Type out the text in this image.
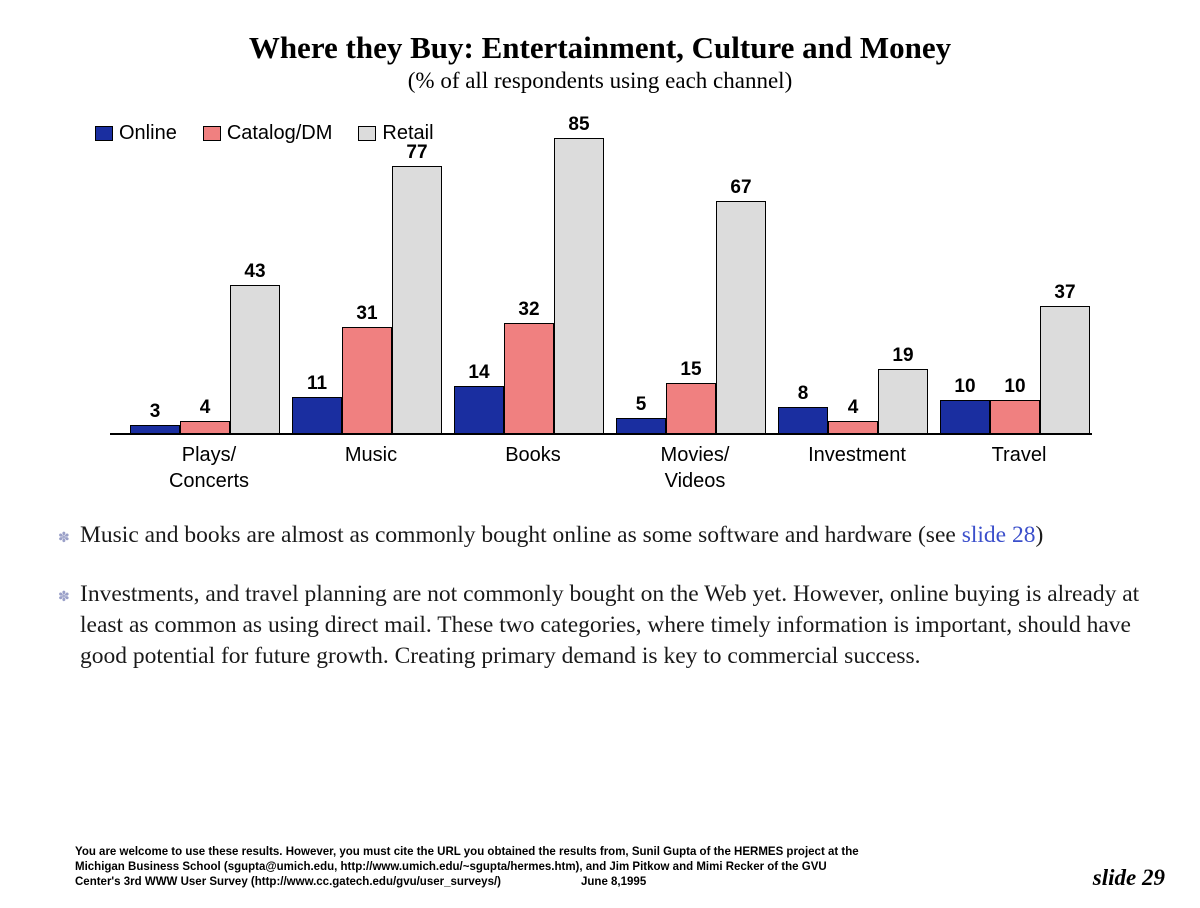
Where they Buy: Entertainment, Culture and Money
(% of all respondents using each channel)
Online	Catalog/DM	Retail
3 4
43
11
31
77
14
32
85
5
15
67
8
4
19
10 10
37
Plays/
Concerts
Music	Books	Movies/
Videos
Investment	Travel
✽ Music and books are almost as commonly bought online as some software and hardware (see slide 28)
✽ Investments, and travel planning are not commonly bought on the Web yet. However, online buying is already at least as common as using direct mail. These two categories, where timely information is important, should have good potential for future growth. Creating primary demand is key to commercial success.
You are welcome to use these results. However, you must cite the URL you obtained the results from, Sunil Gupta of the HERMES project at the
Michigan Business School (sgupta@umich.edu, http://www.umich.edu/~sgupta/hermes.htm), and Jim Pitkow and Mimi Recker of the GVU
Center's 3rd WWW User Survey (http://www.cc.gatech.edu/gvu/user_surveys/)	June 8,1995	slide 29
